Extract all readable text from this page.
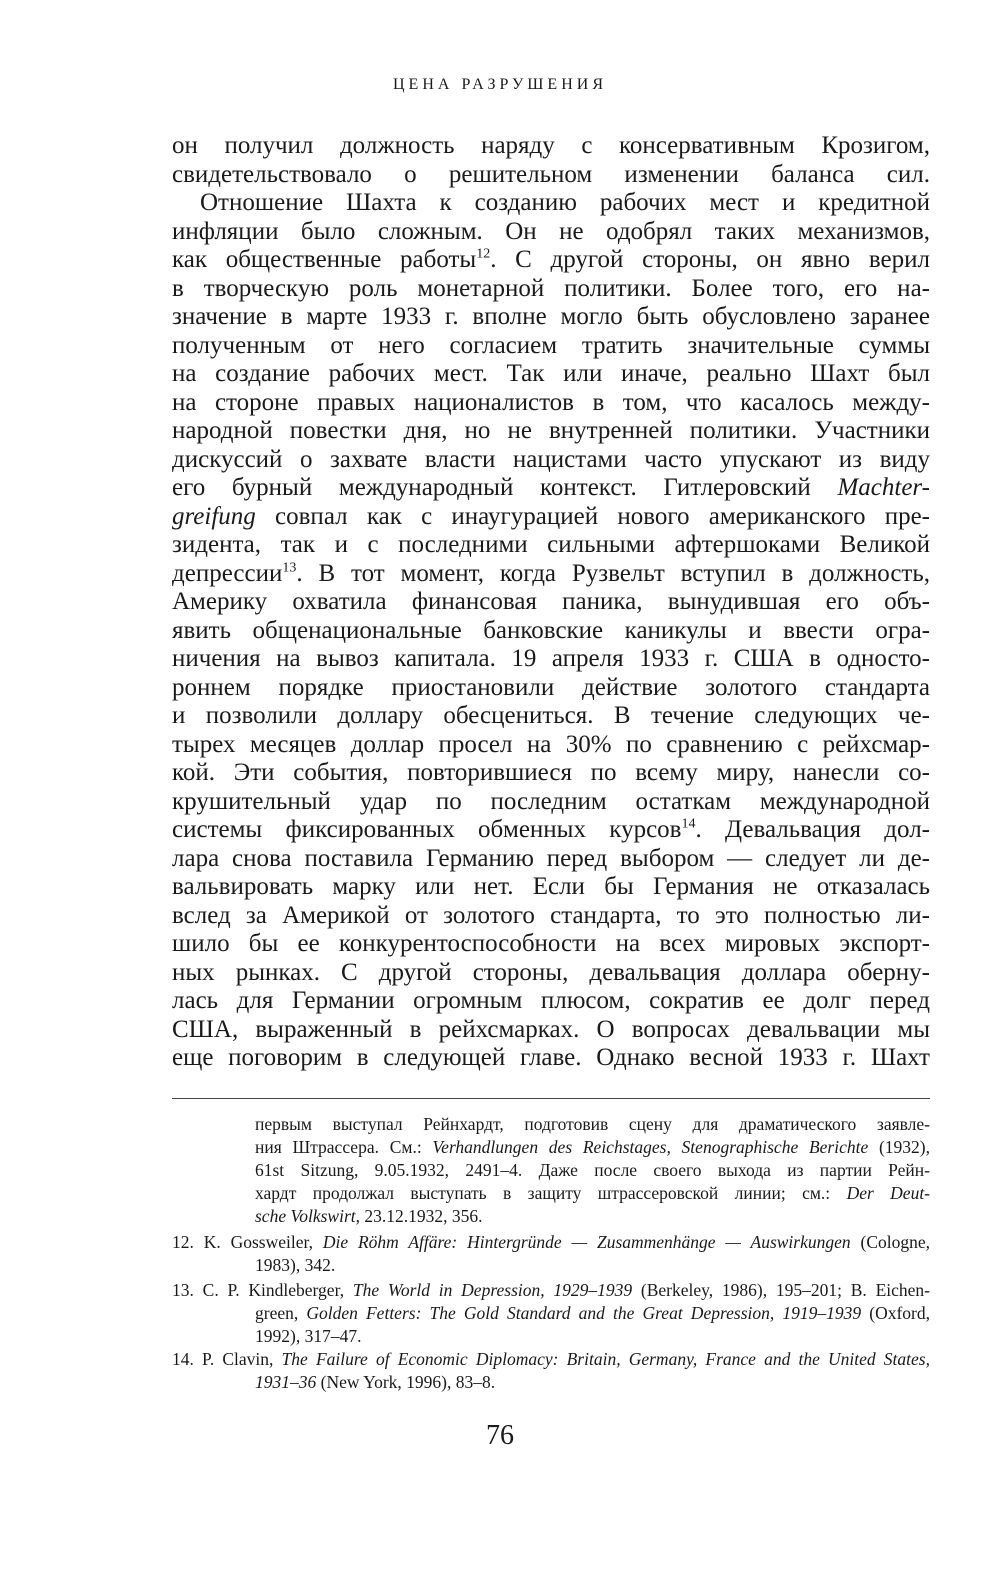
ЦЕНА РАЗРУШЕНИЯ
он получил должность наряду с консервативным Крозигом,
свидетельствовало о решительном изменении баланса сил.
Отношение Шахта к созданию рабочих мест и кредитной
инфляции было сложным. Он не одобрял таких механизмов,
как общественные работы$^{12}$. С другой стороны, он явно верил
в творческую роль монетарной политики. Более того, его на-
значение в марте 1933 г. вполне могло быть обусловлено заранее
полученным от него согласием тратить значительные суммы
на создание рабочих мест. Так или иначе, реально Шахт был
на стороне правых националистов в том, что касалось между-
народной повестки дня, но не внутренней политики. Участники
дискуссий о захвате власти нацистами часто упускают из виду
его бурный международный контекст. Гитлеровский Machter-
greifung совпал как с инаугурацией нового американского пре-
зидента, так и с последними сильными афтершоками Великой
депрессии$^{13}$. В тот момент, когда Рузвельт вступил в должность,
Америку охватила финансовая паника, вынудившая его объ-
явить общенациональные банковские каникулы и ввести огра-
ничения на вывоз капитала. 19 апреля 1933 г. США в односто-
роннем порядке приостановили действие золотого стандарта
и позволили доллару обесцениться. В течение следующих че-
тырех месяцев доллар просел на 30% по сравнению с рейхсмар-
кой. Эти события, повторившиеся по всему миру, нанесли со-
крушительный удар по последним остаткам международной
системы фиксированных обменных курсов$^{14}$. Девальвация дол-
лара снова поставила Германию перед выбором — следует ли де-
вальвировать марку или нет. Если бы Германия не отказалась
вслед за Америкой от золотого стандарта, то это полностью ли-
шило бы ее конкурентоспособности на всех мировых экспорт-
ных рынках. С другой стороны, девальвация доллара оберну-
лась для Германии огромным плюсом, сократив ее долг перед
США, выраженный в рейхсмарках. О вопросах девальвации мы
еще поговорим в следующей главе. Однако весной 1933 г. Шахт
первым выступал Рейнхардт, подготовив сцену для драматического заявле-
ния Штрассера. См.: Verhandlungen des Reichstages, Stenographische Berichte (1932),
61st Sitzung, 9.05.1932, 2491–4. Даже после своего выхода из партии Рейн-
хардт продолжал выступать в защиту штрассеровской линии; см.: Der Deut-
sche Volkswirt, 23.12.1932, 356.
12. K. Gossweiler, Die Röhm Affäre: Hintergründe — Zusammenhänge — Auswirkungen (Cologne,
1983), 342.
13. C. P. Kindleberger, The World in Depression, 1929–1939 (Berkeley, 1986), 195–201; B. Eichen-
green, Golden Fetters: The Gold Standard and the Great Depression, 1919–1939 (Oxford,
1992), 317–47.
14. P. Clavin, The Failure of Economic Diplomacy: Britain, Germany, France and the United States,
1931–36 (New York, 1996), 83–8.
76
